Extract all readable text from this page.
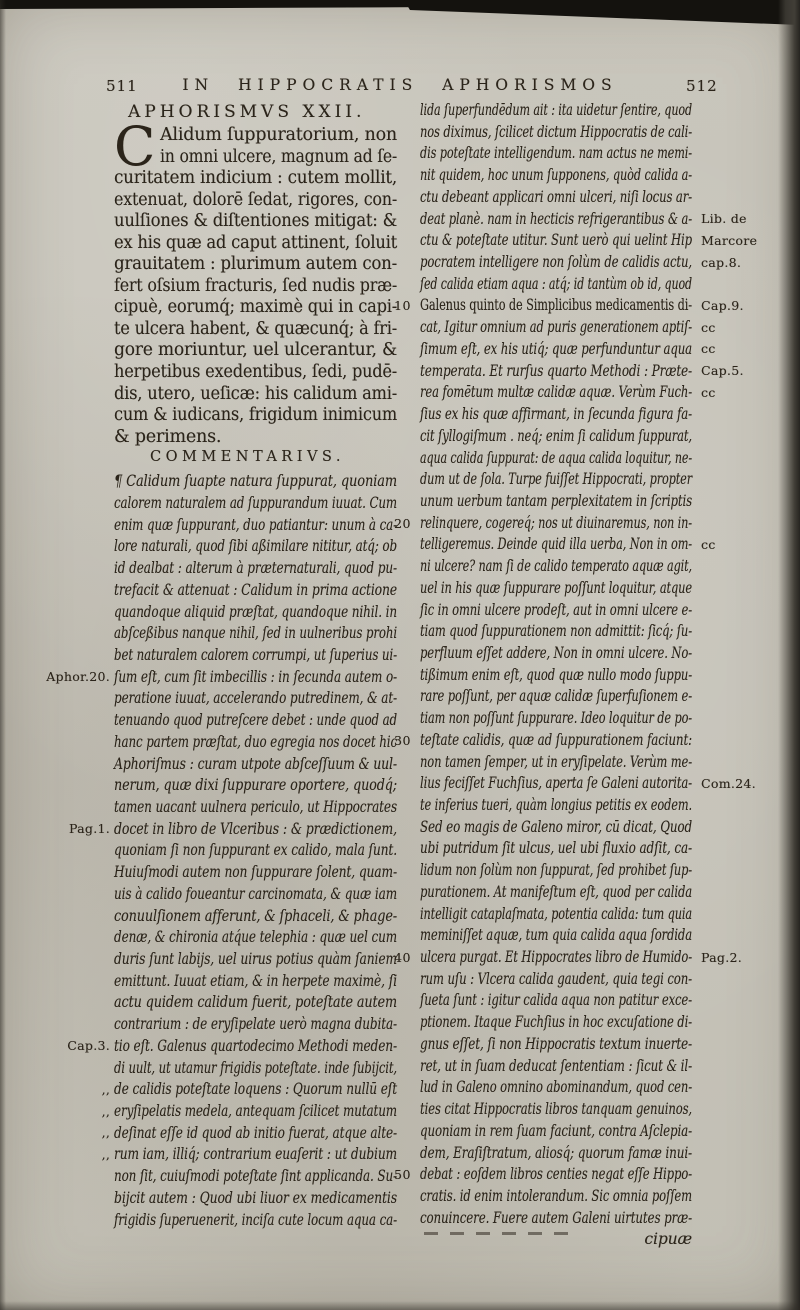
511	IN HIPPOCRATIS APHORISMOS	512
APHORISMVS XXII.
C Alidum ſuppuratorium, non
in omni ulcere, magnum ad ſe-
curitatem indicium : cutem mollit,
extenuat, dolorē ſedat, rigores, con-
uulſiones & diſtentiones mitigat: &
ex his quæ ad caput attinent, ſoluit
grauitatem : plurimum autem con-
fert oſsium fracturis, ſed nudis præ-
cipuè, eorumq́; maximè qui in capi-
te ulcera habent, & quæcunq́; à fri-
gore moriuntur, uel ulcerantur, &
herpetibus exedentibus, ſedi, pudē-
dis, utero, ueſicæ: his calidum ami-
cum & iudicans, frigidum inimicum
& perimens.
COMMENTARIVS.
¶ Calidum ſuapte natura ſuppurat, quoniam
calorem naturalem ad ſuppurandum iuuat. Cum
enim quæ ſuppurant, duo patiantur: unum à ca-
lore naturali, quod ſibi aßimilare nititur, atq́; ob
id dealbat : alterum à præternaturali, quod pu-
trefacit & attenuat : Calidum in prima actione
quandoque aliquid præſtat, quandoque nihil. in
abſceßibus nanque nihil, ſed in uulneribus prohi
bet naturalem calorem corrumpi, ut ſuperius ui-
ſum eſt, cum ſit imbecillis : in ſecunda autem o-
Aphor.20.
peratione iuuat, accelerando putredinem, & at-
tenuando quod putreſcere debet : unde quod ad
hanc partem præſtat, duo egregia nos docet hic
Aphoriſmus : curam utpote abſceſſuum & uul-
nerum, quæ dixi ſuppurare oportere, quodq́;
tamen uacant uulnera periculo, ut Hippocrates
docet in libro de Vlceribus : & prædictionem,
Pag.1.
quoniam ſi non ſuppurant ex calido, mala ſunt.
Huiuſmodi autem non ſuppurare ſolent, quam-
uis à calido foueantur carcinomata, & quæ iam
conuulſionem afferunt, & ſphaceli, & phage-
denæ, & chironia atq́ue telephia : quæ uel cum
duris ſunt labijs, uel uirus potius quàm ſaniem
emittunt. Iuuat etiam, & in herpete maximè, ſi
actu quidem calidum fuerit, poteſtate autem
contrarium : de eryſipelate uerò magna dubita-
tio eſt. Galenus quartodecimo Methodi meden-
Cap.3.
di uult, ut utamur frigidis poteſtate. inde ſubijcit,
de calidis poteſtate loquens : Quorum nullū eſt
‚‚
eryſipelatis medela, antequam ſcilicet mutatum
‚‚
deſinat eſſe id quod ab initio fuerat, atque alte-
‚‚
rum iam, illiq́; contrarium euaſerit : ut dubium
‚‚
non ſit, cuiuſmodi poteſtate ſint applicanda. Su-
bijcit autem : Quod ubi liuor ex medicamentis
frigidis ſuperuenerit, inciſa cute locum aqua ca-
lida ſuperfundēdum ait : ita uidetur ſentire, quod
nos diximus, ſcilicet dictum Hippocratis de cali-
dis poteſtate intelligendum. nam actus ne memi-
nit quidem, hoc unum ſupponens, quòd calida a-
ctu debeant applicari omni ulceri, niſi locus ar-
deat planè. nam in hecticis refrigerantibus & a- Lib. de
ctu & poteſtate utitur. Sunt uerò qui uelint Hip Marcore
pocratem intelligere non ſolùm de calidis actu, cap.8.
ſed calida etiam aqua : atq́; id tantùm ob id, quod
Galenus quinto de Simplicibus medicamentis di-
10	Cap.9.
cat, Igitur omnium ad puris generationem aptiſ- cc
ſimum eſt, ex his utiq́; quæ perfunduntur aqua cc
temperata. Et rurſus quarto Methodi : Præte- Cap.5.
rea fomētum multæ calidæ aquæ. Verùm Fuch- cc
ſius ex his quæ affirmant, in ſecunda figura fa-
cit ſyllogiſmum . neq́; enim ſi calidum ſuppurat,
aqua calida ſuppurat: de aqua calida loquitur, ne-
dum ut de ſola. Turpe fuiſſet Hippocrati, propter
unum uerbum tantam perplexitatem in ſcriptis
relinquere, cogereq́; nos ut diuinaremus, non in-
20
telligeremus. Deinde quid illa uerba, Non in om- cc
ni ulcere? nam ſi de calido temperato aquæ agit,
uel in his quæ ſuppurare poſſunt loquitur, atque
ſic in omni ulcere prodeſt, aut in omni ulcere e-
tiam quod ſuppurationem non admittit: ſicq́; ſu-
perfluum eſſet addere, Non in omni ulcere. No-
tißimum enim eſt, quod quæ nullo modo ſuppu-
rare poſſunt, per aquæ calidæ ſuperfuſionem e-
tiam non poſſunt ſuppurare. Ideo loquitur de po-
teſtate calidis, quæ ad ſuppurationem faciunt:
30
non tamen ſemper, ut in eryſipelate. Verùm me-
lius feciſſet Fuchſius, aperta ſe Galeni autorita- Com.24.
te inferius tueri, quàm longius petitis ex eodem.
Sed eo magis de Galeno miror, cū dicat, Quod
ubi putridum ſit ulcus, uel ubi fluxio adſit, ca-
lidum non ſolùm non ſuppurat, ſed prohibet ſup-
purationem. At manifeſtum eſt, quod per calida
intelligit cataplaſmata, potentia calida: tum quia
meminiſſet aquæ, tum quia calida aqua ſordida
ulcera purgat. Et Hippocrates libro de Humido-
40	Pag.2.
rum uſu : Vlcera calida gaudent, quia tegi con-
ſueta ſunt : igitur calida aqua non patitur exce-
ptionem. Itaque Fuchſius in hoc excuſatione di-
gnus eſſet, ſi non Hippocratis textum inuerte-
ret, ut in ſuam deducat ſententiam : ſicut & il-
lud in Galeno omnino abominandum, quod cen-
ties citat Hippocratis libros tanquam genuinos,
quoniam in rem ſuam faciunt, contra Aſclepia-
dem, Eraſiſtratum, aliosq́; quorum famæ inui-
debat : eoſdem libros centies negat eſſe Hippo-
50
cratis. id enim intolerandum. Sic omnia poſſem
conuincere. Fuere autem Galeni uirtutes præ-
cipuæ
